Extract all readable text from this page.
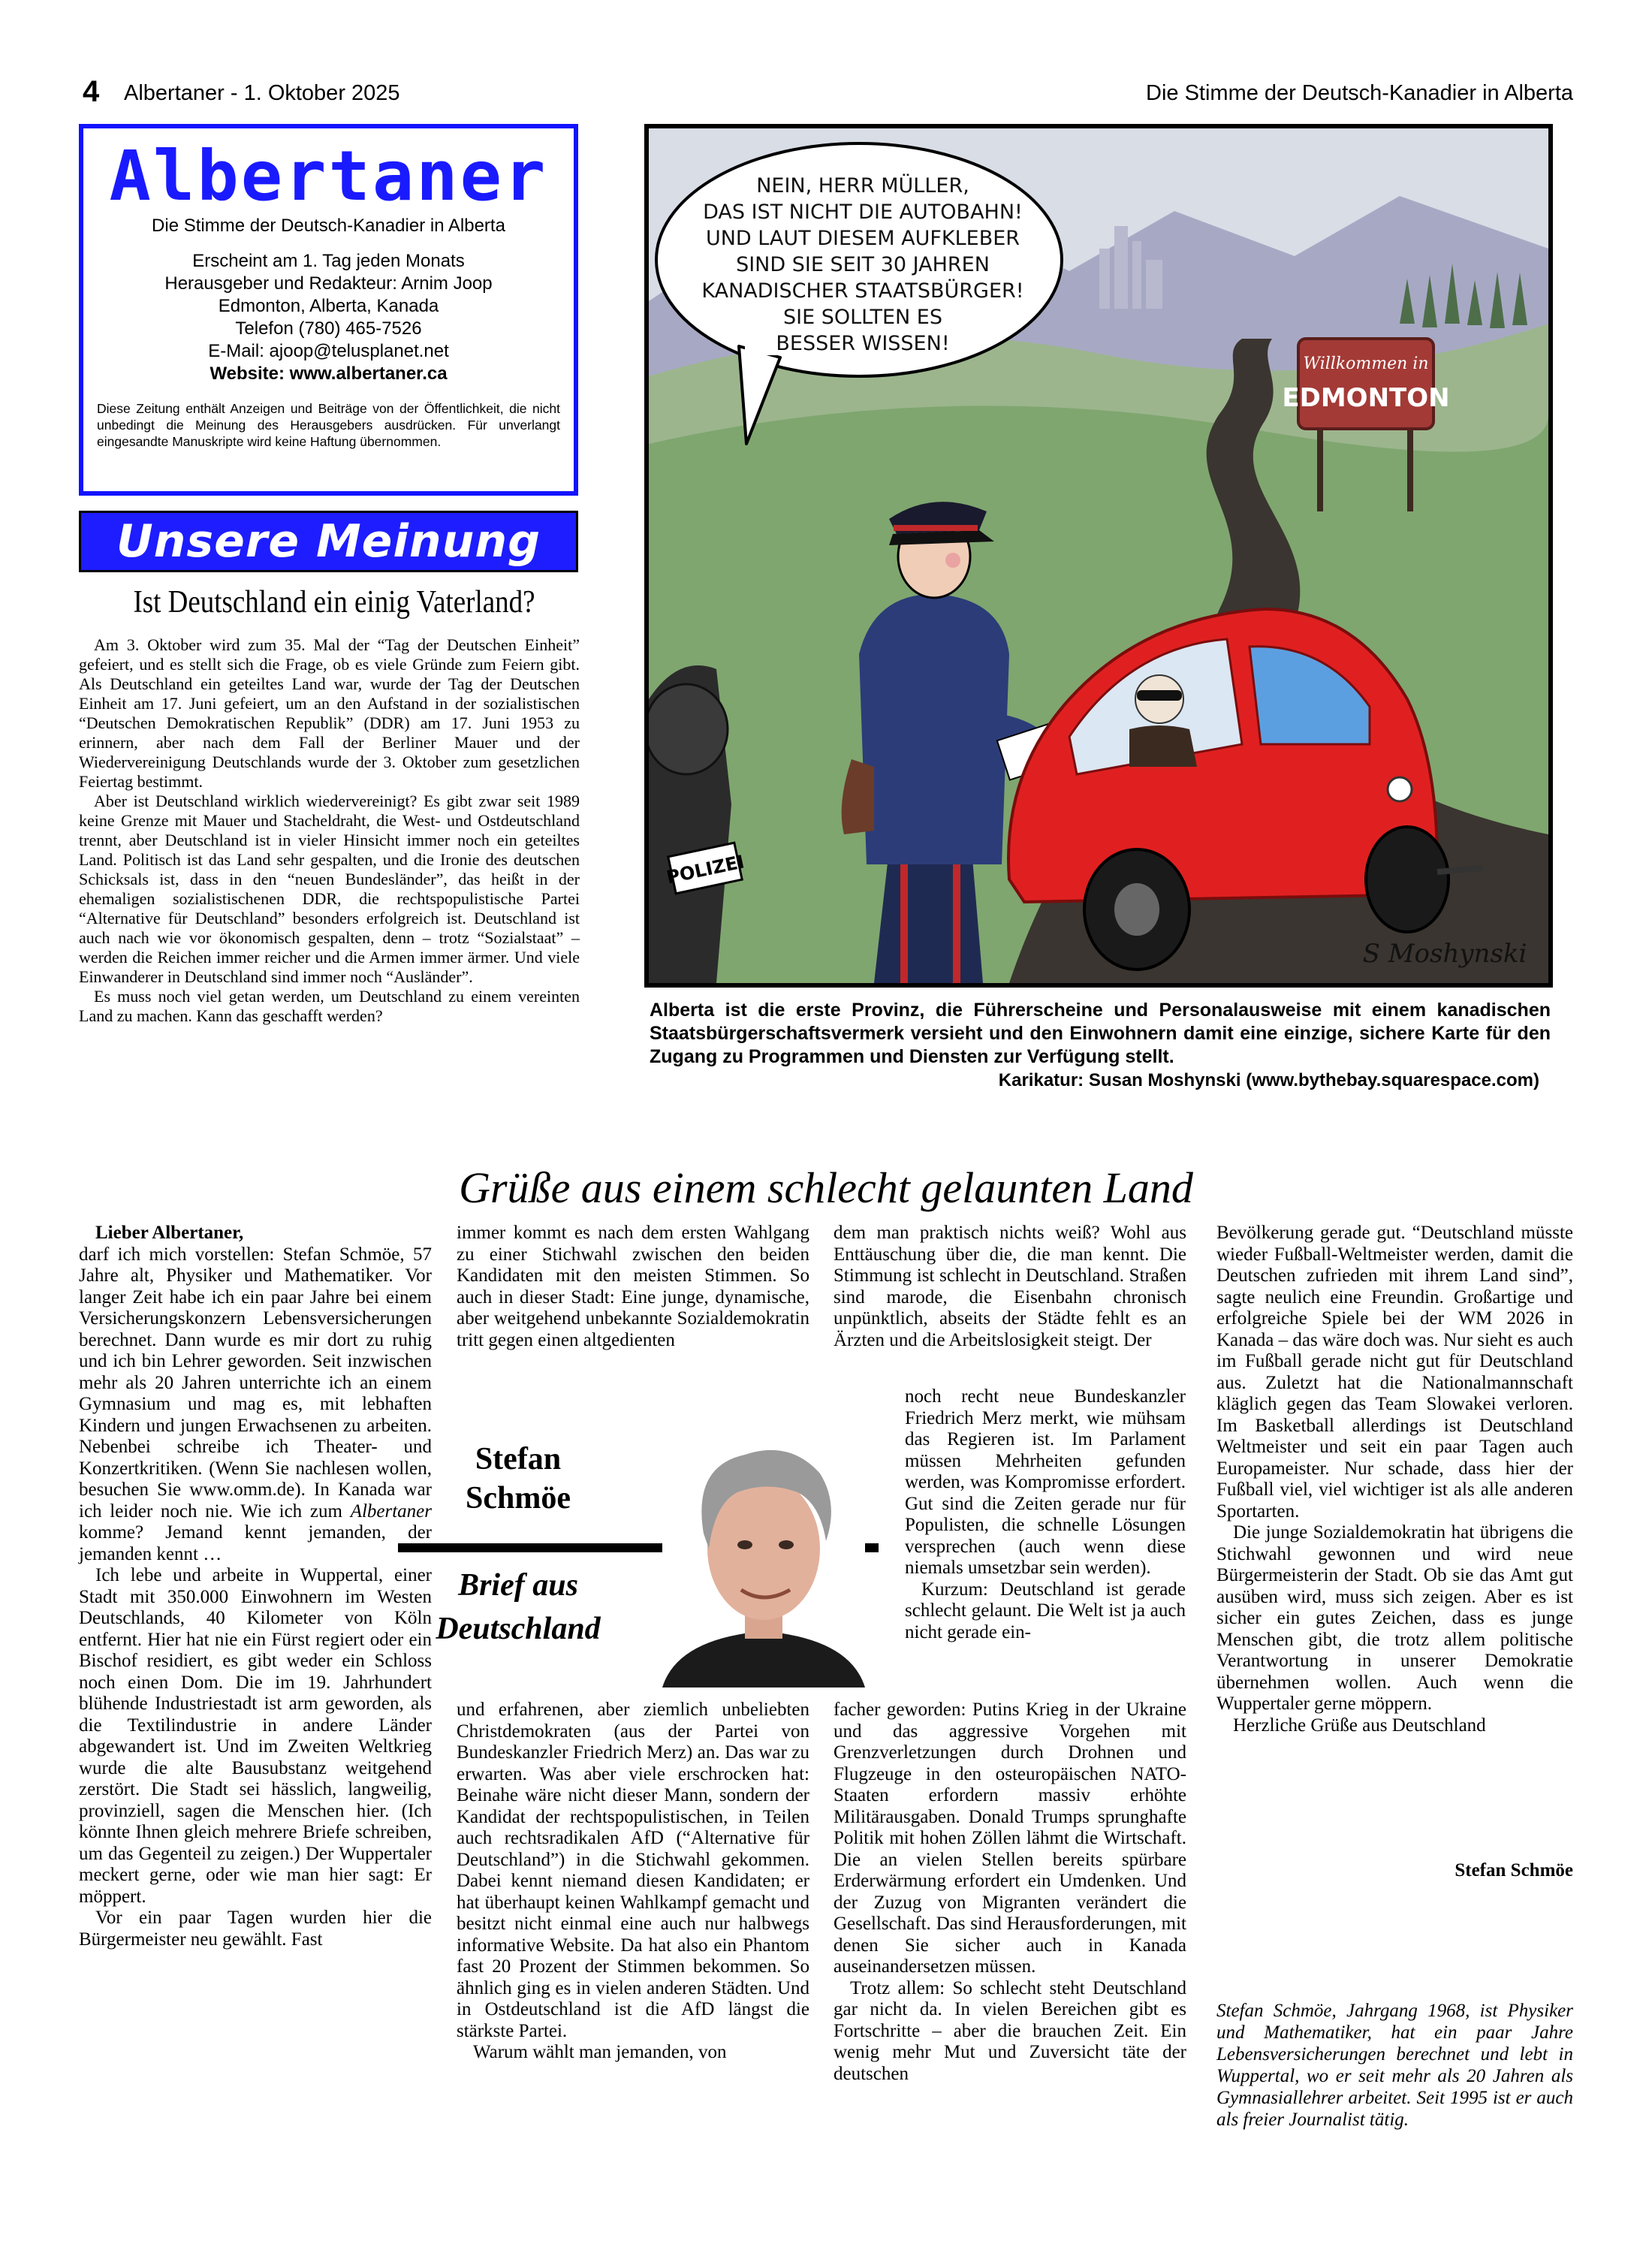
4 Albertaner - 1. Oktober 2025	Die Stimme der Deutsch-Kanadier in Alberta
Albertaner
Die Stimme der Deutsch-Kanadier in Alberta
Erscheint am 1. Tag jeden Monats
Herausgeber und Redakteur: Arnim Joop
Edmonton, Alberta, Kanada
Telefon (780) 465-7526
E-Mail: ajoop@telusplanet.net
Website: www.albertaner.ca
Diese Zeitung enthält Anzeigen und Beiträge von der Öffentlichkeit, die nicht unbedingt die Meinung des Herausgebers ausdrücken. Für unverlangt eingesandte Manuskripte wird keine Haftung übernommen.
Unsere Meinung
Ist Deutschland ein einig Vaterland?

Am 3. Oktober wird zum 35. Mal der “Tag der Deutschen Einheit” gefeiert, und es stellt sich die Frage, ob es viele Gründe zum Feiern gibt. Als Deutschland ein geteiltes Land war, wurde der Tag der Deutschen Einheit am 17. Juni gefeiert, um an den Aufstand in der sozialistischen “Deutschen Demokratischen Republik” (DDR) am 17. Juni 1953 zu erinnern, aber nach dem Fall der Berliner Mauer und der Wiedervereinigung Deutschlands wurde der 3. Oktober zum gesetzlichen Feiertag bestimmt.

Aber ist Deutschland wirklich wiedervereinigt? Es gibt zwar seit 1989 keine Grenze mit Mauer und Stacheldraht, die West- und Ostdeutschland trennt, aber Deutschland ist in vieler Hinsicht immer noch ein geteiltes Land. Politisch ist das Land sehr gespalten, und die Ironie des deutschen Schicksals ist, dass in den “neuen Bundesländer”, das heißt in der ehemaligen sozialistischenen DDR, die rechtspopulistische Partei “Alternative für Deutschland” besonders erfolgreich ist. Deutschland ist auch nach wie vor ökonomisch gespalten, denn – trotz “Sozialstaat” – werden die Reichen immer reicher und die Armen immer ärmer. Und viele Einwanderer in Deutschland sind immer noch “Ausländer”.

Es muss noch viel getan werden, um Deutschland zu einem vereinten Land zu machen. Kann das geschafft werden?

Willkommen in
EDMONTON
NEIN, HERR MÜLLER,
DAS IST NICHT DIE AUTOBAHN!
UND LAUT DIESEM AUFKLEBER
SIND SIE SEIT 30 JAHREN
KANADISCHER STAATSBÜRGER!
SIE SOLLTEN ES
BESSER WISSEN!
POLIZEI
S Moshynski
Alberta ist die erste Provinz, die Führerscheine und Personalausweise mit einem kanadischen Staatsbürgerschaftsvermerk versieht und den Einwohnern damit eine einzige, sichere Karte für den Zugang zu Programmen und Diensten zur Verfügung stellt.
Karikatur: Susan Moshynski (www.bythebay.squarespace.com)
Grüße aus einem schlecht gelaunten Land

Lieber Albertaner,

darf ich mich vorstellen: Stefan Schmöe, 57 Jahre alt, Physiker und Mathematiker. Vor langer Zeit habe ich ein paar Jahre bei einem Versicherungskonzern Lebensversicherungen berechnet. Dann wurde es mir dort zu ruhig und ich bin Lehrer geworden. Seit inzwischen mehr als 20 Jahren unterrichte ich an einem Gymnasium und mag es, mit lebhaften Kindern und jungen Erwachsenen zu arbeiten. Nebenbei schreibe ich Theater- und Konzertkritiken. (Wenn Sie nachlesen wollen, besuchen Sie www.omm.de). In Kanada war ich leider noch nie. Wie ich zum Albertaner komme? Jemand kennt jemanden, der jemanden kennt …

Ich lebe und arbeite in Wuppertal, einer Stadt mit 350.000 Einwohnern im Westen Deutschlands, 40 Kilometer von Köln entfernt. Hier hat nie ein Fürst regiert oder ein Bischof residiert, es gibt weder ein Schloss noch einen Dom. Die im 19. Jahrhundert blühende Industriestadt ist arm geworden, als die Textilindustrie in andere Länder abgewandert ist. Und im Zweiten Weltkrieg wurde die alte Bausubstanz weitgehend zerstört. Die Stadt sei hässlich, langweilig, provinziell, sagen die Menschen hier. (Ich könnte Ihnen gleich mehrere Briefe schreiben, um das Gegenteil zu zeigen.) Der Wuppertaler meckert gerne, oder wie man hier sagt: Er möppert.

Vor ein paar Tagen wurden hier die Bürgermeister neu gewählt. Fast

immer kommt es nach dem ersten Wahlgang zu einer Stichwahl zwischen den beiden Kandidaten mit den meisten Stimmen. So auch in dieser Stadt: Eine junge, dynamische, aber weitgehend unbekannte Sozialdemokratin tritt gegen einen altgedienten

und erfahrenen, aber ziemlich unbeliebten Christdemokraten (aus der Partei von Bundeskanzler Friedrich Merz) an. Das war zu erwarten. Was aber viele erschrocken hat: Beinahe wäre nicht dieser Mann, sondern der Kandidat der rechtspopulistischen, in Teilen auch rechtsradikalen AfD (“Alternative für Deutschland”) in die Stichwahl gekommen. Dabei kennt niemand diesen Kandidaten; er hat überhaupt keinen Wahlkampf gemacht und besitzt nicht einmal eine auch nur halbwegs informative Website. Da hat also ein Phantom fast 20 Prozent der Stimmen bekommen. So ähnlich ging es in vielen anderen Städten. Und in Ostdeutschland ist die AfD längst die stärkste Partei.

Warum wählt man jemanden, von

Stefan
Schmöe
Brief aus
Deutschland

dem man praktisch nichts weiß? Wohl aus Enttäuschung über die, die man kennt. Die Stimmung ist schlecht in Deutschland. Straßen sind marode, die Eisenbahn chronisch unpünktlich, abseits der Städte fehlt es an Ärzten und die Arbeitslosigkeit steigt. Der

noch recht neue Bundeskanzler Friedrich Merz merkt, wie mühsam das Regieren ist. Im Parlament müssen Mehrheiten gefunden werden, was Kompromisse erfordert. Gut sind die Zeiten gerade nur für Populisten, die schnelle Lösungen versprechen (auch wenn diese niemals umsetzbar sein werden).

Kurzum: Deutschland ist gerade schlecht gelaunt. Die Welt ist ja auch nicht gerade ein-

facher geworden: Putins Krieg in der Ukraine und das aggressive Vorgehen mit Grenzverletzungen durch Drohnen und Flugzeuge in den osteuropäischen NATO-Staaten erfordern massiv erhöhte Militärausgaben. Donald Trumps sprunghafte Politik mit hohen Zöllen lähmt die Wirtschaft. Die an vielen Stellen bereits spürbare Erderwärmung erfordert ein Umdenken. Und der Zuzug von Migranten verändert die Gesellschaft. Das sind Herausforderungen, mit denen Sie sicher auch in Kanada auseinandersetzen müssen.

Trotz allem: So schlecht steht Deutschland gar nicht da. In vielen Bereichen gibt es Fortschritte – aber die brauchen Zeit. Ein wenig mehr Mut und Zuversicht täte der deutschen

Bevölkerung gerade gut. “Deutschland müsste wieder Fußball-Weltmeister werden, damit die Deutschen zufrieden mit ihrem Land sind”, sagte neulich eine Freundin. Großartige und erfolgreiche Spiele bei der WM 2026 in Kanada – das wäre doch was. Nur sieht es auch im Fußball gerade nicht gut für Deutschland aus. Zuletzt hat die Nationalmannschaft kläglich gegen das Team Slowakei verloren. Im Basketball allerdings ist Deutschland Weltmeister und seit ein paar Tagen auch Europameister. Nur schade, dass hier der Fußball viel, viel wichtiger ist als alle anderen Sportarten.

Die junge Sozialdemokratin hat übrigens die Stichwahl gewonnen und wird neue Bürgermeisterin der Stadt. Ob sie das Amt gut ausüben wird, muss sich zeigen. Aber es ist sicher ein gutes Zeichen, dass es junge Menschen gibt, die trotz allem politische Verantwortung in unserer Demokratie übernehmen wollen. Auch wenn die Wuppertaler gerne möppern.

Herzliche Grüße aus Deutschland

Stefan Schmöe
Stefan Schmöe, Jahrgang 1968, ist Physiker und Mathematiker, hat ein paar Jahre Lebensversicherungen berechnet und lebt in Wuppertal, wo er seit mehr als 20 Jahren als Gymnasiallehrer arbeitet. Seit 1995 ist er auch als freier Journalist tätig.
